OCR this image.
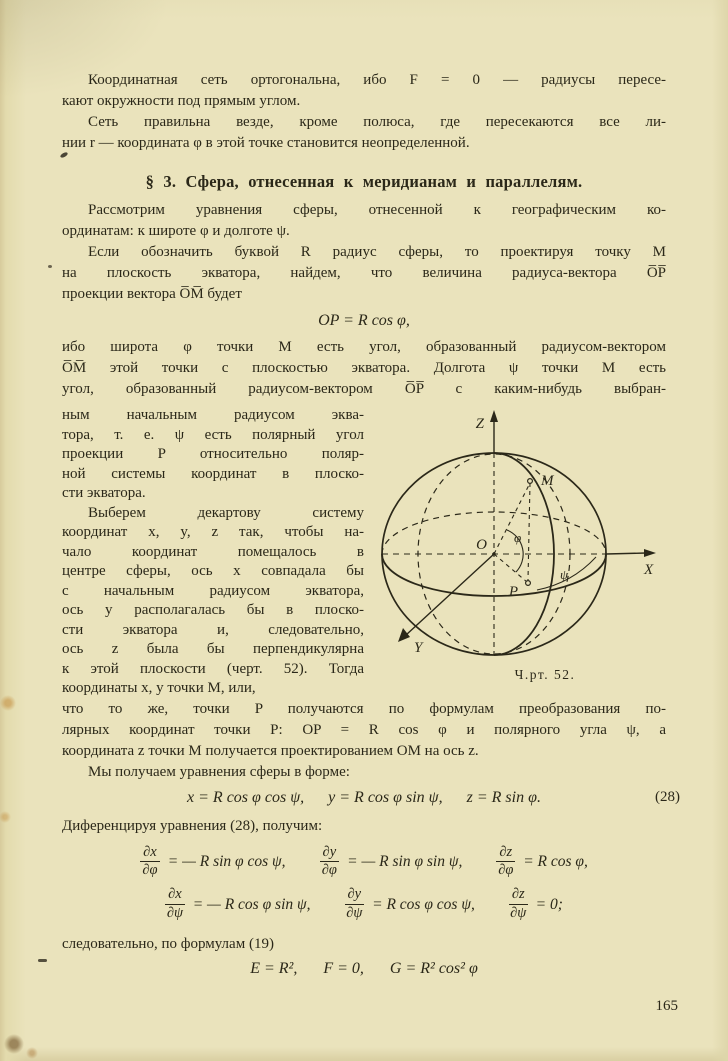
Координатная сеть ортогональна, ибо F = 0 — радиусы пересе-
кают окружности под прямым углом.
Сеть правильна везде, кроме полюса, где пересекаются все ли-
нии r — координата φ в этой точке становится неопределенной.
§ 3. Сфера, отнесенная к меридианам и параллелям.
Рассмотрим уравнения сферы, отнесенной к географическим ко-
ординатам: к широте φ и долготе ψ.
Если обозначить буквой R радиус сферы, то проектируя точку M
на плоскость экватора, найдем, что величина радиуса-вектора O̅P̅
проекции вектора O̅M̅ будет
OP = R cos φ,
ибо широта φ точки M есть угол, образованный радиусом-вектором
O̅M̅ этой точки с плоскостью экватора. Долгота ψ точки M есть
угол, образованный радиусом-вектором O̅P̅ с каким-нибудь выбран-
ным начальным радиусом эква-
тора, т. е. ψ есть полярный угол
проекции P относительно поляр-
ной системы координат в плоско-
сти экватора.
Выберем декартову систему
координат x, y, z так, чтобы на-
чало координат помещалось в
центре сферы, ось x совпадала бы
с начальным радиусом экватора,
ось y располагалась бы в плоско-
сти экватора и, следовательно,
ось z была бы перпендикулярна
к этой плоскости (черт. 52). Тогда
координаты x, y точки M, или,
Z
X
Y
O
M
P
φ
ψ
Ч.рт. 52.
что то же, точки P получаются по формулам преобразования по-
лярных координат точки P: OP = R cos φ и полярного угла ψ, а
координата z точки M получается проектированием OM на ось z.
Мы получаем уравнения сферы в форме:
x = R cos φ cos ψ, y = R cos φ sin ψ, z = R sin φ.	(28)
Диференцируя уравнения (28), получим:
$\frac{\partial x}{\partial\varphi}$ = — R sin φ cos ψ, $\frac{\partial y}{\partial\varphi}$ = — R sin φ sin ψ, $\frac{\partial z}{\partial\varphi} = R$ cos φ,
$\frac{\partial x}{\partial\psi}$ = — R cos φ sin ψ, $\frac{\partial y}{\partial\psi} = R$ cos φ cos ψ, $\frac{\partial z}{\partial\psi} = 0$;
следовательно, по формулам (19)
E = R², F = 0, G = R² cos² φ
165
